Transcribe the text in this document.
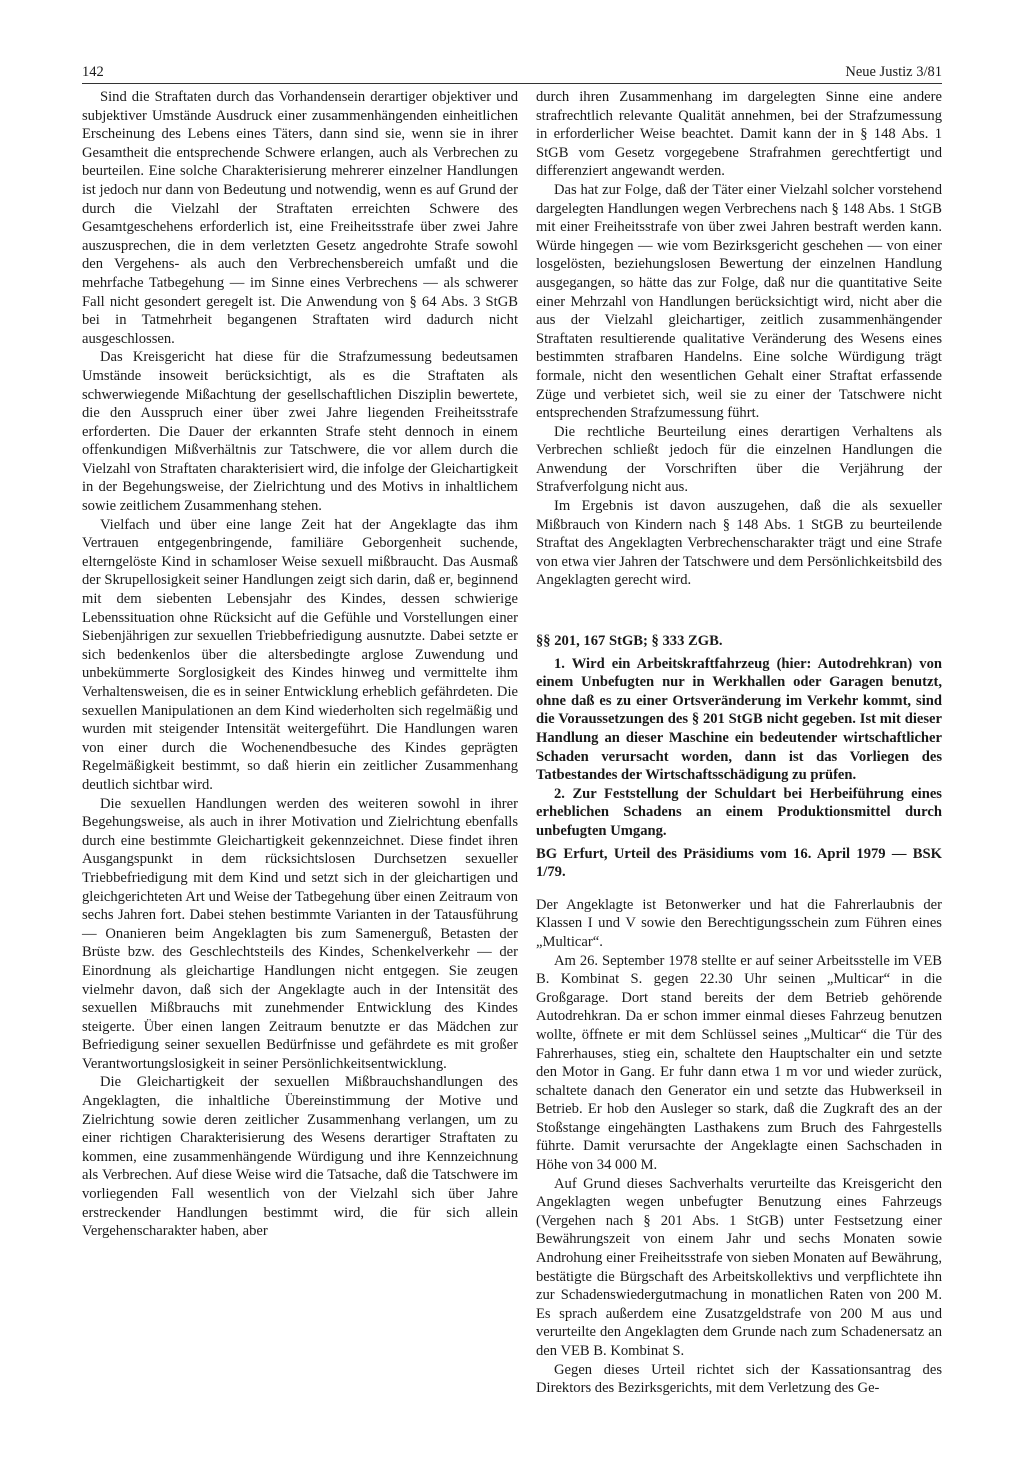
142	Neue Justiz 3/81

Sind die Straftaten durch das Vorhandensein derartiger objektiver und subjektiver Umstände Ausdruck einer zusammenhängenden einheitlichen Erscheinung des Lebens eines Täters, dann sind sie, wenn sie in ihrer Gesamtheit die entsprechende Schwere erlangen, auch als Verbrechen zu beurteilen. Eine solche Charakterisierung mehrerer einzelner Handlungen ist jedoch nur dann von Bedeutung und notwendig, wenn es auf Grund der durch die Vielzahl der Straftaten erreichten Schwere des Gesamtgeschehens erforderlich ist, eine Freiheitsstrafe über zwei Jahre auszusprechen, die in dem verletzten Gesetz angedrohte Strafe sowohl den Vergehens- als auch den Verbrechensbereich umfaßt und die mehrfache Tatbegehung — im Sinne eines Verbrechens — als schwerer Fall nicht gesondert geregelt ist. Die Anwendung von § 64 Abs. 3 StGB bei in Tatmehrheit begangenen Straftaten wird dadurch nicht ausgeschlossen.

Das Kreisgericht hat diese für die Strafzumessung bedeutsamen Umstände insoweit berücksichtigt, als es die Straftaten als schwerwiegende Mißachtung der gesellschaftlichen Disziplin bewertete, die den Ausspruch einer über zwei Jahre liegenden Freiheitsstrafe erforderten. Die Dauer der erkannten Strafe steht dennoch in einem offenkundigen Mißverhältnis zur Tatschwere, die vor allem durch die Vielzahl von Straftaten charakterisiert wird, die infolge der Gleichartigkeit in der Begehungsweise, der Zielrichtung und des Motivs in inhaltlichem sowie zeitlichem Zusammenhang stehen.

Vielfach und über eine lange Zeit hat der Angeklagte das ihm Vertrauen entgegenbringende, familiäre Geborgenheit suchende, elterngelöste Kind in schamloser Weise sexuell mißbraucht. Das Ausmaß der Skrupellosigkeit seiner Handlungen zeigt sich darin, daß er, beginnend mit dem siebenten Lebensjahr des Kindes, dessen schwierige Lebenssituation ohne Rücksicht auf die Gefühle und Vorstellungen einer Siebenjährigen zur sexuellen Triebbefriedigung ausnutzte. Dabei setzte er sich bedenkenlos über die altersbedingte arglose Zuwendung und unbekümmerte Sorglosigkeit des Kindes hinweg und vermittelte ihm Verhaltensweisen, die es in seiner Entwicklung erheblich gefährdeten. Die sexuellen Manipulationen an dem Kind wiederholten sich regelmäßig und wurden mit steigender Intensität weitergeführt. Die Handlungen waren von einer durch die Wochenendbesuche des Kindes geprägten Regelmäßigkeit bestimmt, so daß hierin ein zeitlicher Zusammenhang deutlich sichtbar wird.

Die sexuellen Handlungen werden des weiteren sowohl in ihrer Begehungsweise, als auch in ihrer Motivation und Zielrichtung ebenfalls durch eine bestimmte Gleichartigkeit gekennzeichnet. Diese findet ihren Ausgangspunkt in dem rücksichtslosen Durchsetzen sexueller Triebbefriedigung mit dem Kind und setzt sich in der gleichartigen und gleichgerichteten Art und Weise der Tatbegehung über einen Zeitraum von sechs Jahren fort. Dabei stehen bestimmte Varianten in der Tatausführung — Onanieren beim Angeklagten bis zum Samenerguß, Betasten der Brüste bzw. des Geschlechtsteils des Kindes, Schenkelverkehr — der Einordnung als gleichartige Handlungen nicht entgegen. Sie zeugen vielmehr davon, daß sich der Angeklagte auch in der Intensität des sexuellen Mißbrauchs mit zunehmender Entwicklung des Kindes steigerte. Über einen langen Zeitraum benutzte er das Mädchen zur Befriedigung seiner sexuellen Bedürfnisse und gefährdete es mit großer Verantwortungslosigkeit in seiner Persönlichkeitsentwicklung.

Die Gleichartigkeit der sexuellen Mißbrauchshandlungen des Angeklagten, die inhaltliche Übereinstimmung der Motive und Zielrichtung sowie deren zeitlicher Zusammenhang verlangen, um zu einer richtigen Charakterisierung des Wesens derartiger Straftaten zu kommen, eine zusammenhängende Würdigung und ihre Kennzeichnung als Verbrechen. Auf diese Weise wird die Tatsache, daß die Tatschwere im vorliegenden Fall wesentlich von der Vielzahl sich über Jahre erstreckender Handlungen bestimmt wird, die für sich allein Vergehenscharakter haben, aber

durch ihren Zusammenhang im dargelegten Sinne eine andere strafrechtlich relevante Qualität annehmen, bei der Strafzumessung in erforderlicher Weise beachtet. Damit kann der in § 148 Abs. 1 StGB vom Gesetz vorgegebene Strafrahmen gerechtfertigt und differenziert angewandt werden.

Das hat zur Folge, daß der Täter einer Vielzahl solcher vorstehend dargelegten Handlungen wegen Verbrechens nach § 148 Abs. 1 StGB mit einer Freiheitsstrafe von über zwei Jahren bestraft werden kann. Würde hingegen — wie vom Bezirksgericht geschehen — von einer losgelösten, beziehungslosen Bewertung der einzelnen Handlung ausgegangen, so hätte das zur Folge, daß nur die quantitative Seite einer Mehrzahl von Handlungen berücksichtigt wird, nicht aber die aus der Vielzahl gleichartiger, zeitlich zusammenhängender Straftaten resultierende qualitative Veränderung des Wesens eines bestimmten strafbaren Handelns. Eine solche Würdigung trägt formale, nicht den wesentlichen Gehalt einer Straftat erfassende Züge und verbietet sich, weil sie zu einer der Tatschwere nicht entsprechenden Strafzumessung führt.

Die rechtliche Beurteilung eines derartigen Verhaltens als Verbrechen schließt jedoch für die einzelnen Handlungen die Anwendung der Vorschriften über die Verjährung der Strafverfolgung nicht aus.

Im Ergebnis ist davon auszugehen, daß die als sexueller Mißbrauch von Kindern nach § 148 Abs. 1 StGB zu beurteilende Straftat des Angeklagten Verbrechenscharakter trägt und eine Strafe von etwa vier Jahren der Tatschwere und dem Persönlichkeitsbild des Angeklagten gerecht wird.

§§ 201, 167 StGB; § 333 ZGB.

1. Wird ein Arbeitskraftfahrzeug (hier: Autodrehkran) von einem Unbefugten nur in Werkhallen oder Garagen benutzt, ohne daß es zu einer Ortsveränderung im Verkehr kommt, sind die Voraussetzungen des § 201 StGB nicht gegeben. Ist mit dieser Handlung an dieser Maschine ein bedeutender wirtschaftlicher Schaden verursacht worden, dann ist das Vorliegen des Tatbestandes der Wirtschaftsschädigung zu prüfen.

2. Zur Feststellung der Schuldart bei Herbeiführung eines erheblichen Schadens an einem Produktionsmittel durch unbefugten Umgang.

BG Erfurt, Urteil des Präsidiums vom 16. April 1979 — BSK 1/79.

Der Angeklagte ist Betonwerker und hat die Fahrerlaubnis der Klassen I und V sowie den Berechtigungsschein zum Führen eines „Multicar“.

Am 26. September 1978 stellte er auf seiner Arbeitsstelle im VEB B. Kombinat S. gegen 22.30 Uhr seinen „Multicar“ in die Großgarage. Dort stand bereits der dem Betrieb gehörende Autodrehkran. Da er schon immer einmal dieses Fahrzeug benutzen wollte, öffnete er mit dem Schlüssel seines „Multicar“ die Tür des Fahrerhauses, stieg ein, schaltete den Hauptschalter ein und setzte den Motor in Gang. Er fuhr dann etwa 1 m vor und wieder zurück, schaltete danach den Generator ein und setzte das Hubwerkseil in Betrieb. Er hob den Ausleger so stark, daß die Zugkraft des an der Stoßstange eingehängten Lasthakens zum Bruch des Fahrgestells führte. Damit verursachte der Angeklagte einen Sachschaden in Höhe von 34 000 M.

Auf Grund dieses Sachverhalts verurteilte das Kreisgericht den Angeklagten wegen unbefugter Benutzung eines Fahrzeugs (Vergehen nach § 201 Abs. 1 StGB) unter Festsetzung einer Bewährungszeit von einem Jahr und sechs Monaten sowie Androhung einer Freiheitsstrafe von sieben Monaten auf Bewährung, bestätigte die Bürgschaft des Arbeitskollektivs und verpflichtete ihn zur Schadenswiedergutmachung in monatlichen Raten von 200 M. Es sprach außerdem eine Zusatzgeldstrafe von 200 M aus und verurteilte den Angeklagten dem Grunde nach zum Schadenersatz an den VEB B. Kombinat S.

Gegen dieses Urteil richtet sich der Kassationsantrag des Direktors des Bezirksgerichts, mit dem Verletzung des Ge-
